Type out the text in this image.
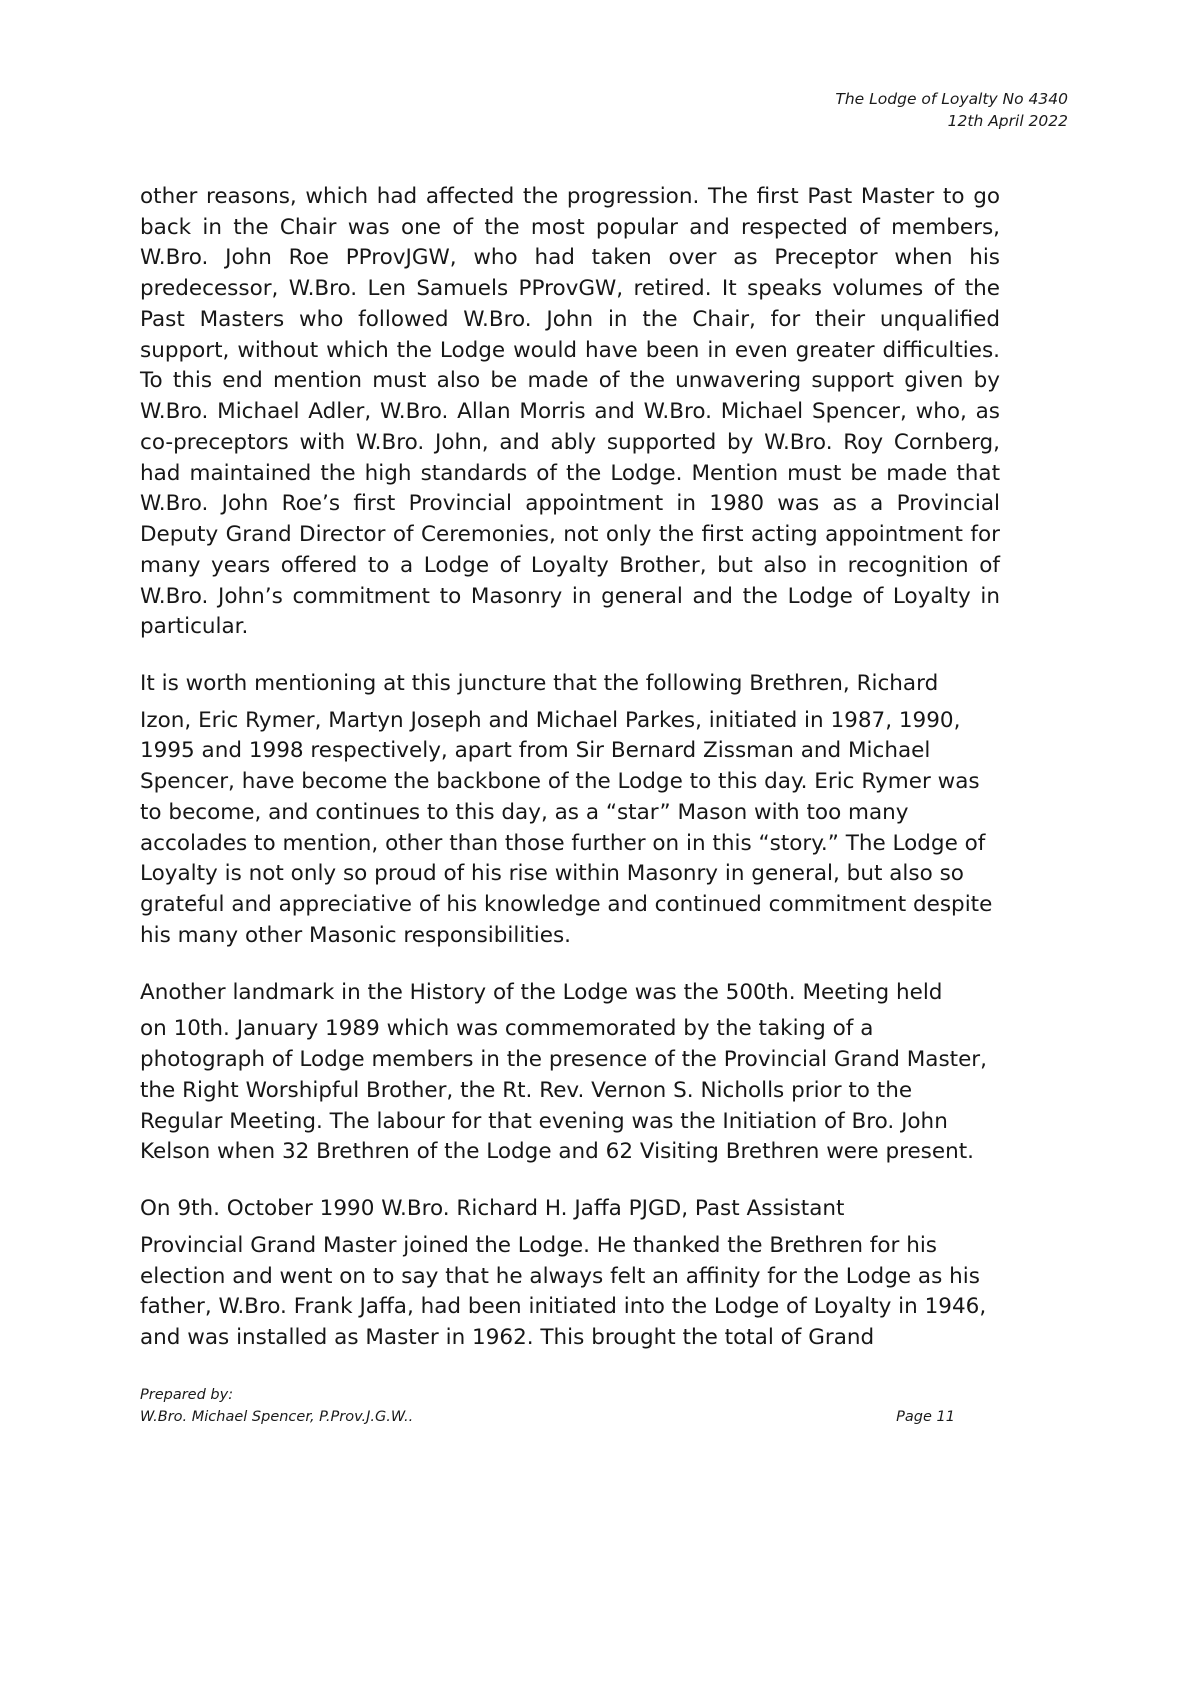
The Lodge of Loyalty No 4340
12th April 2022

other reasons, which had affected the progression. The first Past Master to go back in the Chair was one of the most popular and respected of members, W.Bro. John Roe PProvJGW, who had taken over as Preceptor when his predecessor, W.Bro. Len Samuels PProvGW, retired. It speaks volumes of the Past Masters who followed W.Bro. John in the Chair, for their unqualified support, without which the Lodge would have been in even greater difficulties. To this end mention must also be made of the unwavering support given by W.Bro. Michael Adler, W.Bro. Allan Morris and W.Bro. Michael Spencer, who, as co-preceptors with W.Bro. John, and ably supported by W.Bro. Roy Cornberg, had maintained the high standards of the Lodge. Mention must be made that W.Bro. John Roe’s first Provincial appointment in 1980 was as a Provincial Deputy Grand Director of Ceremonies, not only the first acting appointment for many years offered to a Lodge of Loyalty Brother, but also in recognition of W.Bro. John’s commitment to Masonry in general and the Lodge of Loyalty in particular.

It is worth mentioning at this juncture that the following Brethren, Richard

Izon, Eric Rymer, Martyn Joseph and Michael Parkes, initiated in 1987, 1990, 1995 and 1998 respectively, apart from Sir Bernard Zissman and Michael Spencer, have become the backbone of the Lodge to this day. Eric Rymer was to become, and continues to this day, as a “star” Mason with too many accolades to mention, other than those further on in this “story.” The Lodge of Loyalty is not only so proud of his rise within Masonry in general, but also so grateful and appreciative of his knowledge and continued commitment despite his many other Masonic responsibilities.

Another landmark in the History of the Lodge was the 500th. Meeting held

on 10th. January 1989 which was commemorated by the taking of a photograph of Lodge members in the presence of the Provincial Grand Master, the Right Worshipful Brother, the Rt. Rev. Vernon S. Nicholls prior to the Regular Meeting. The labour for that evening was the Initiation of Bro. John Kelson when 32 Brethren of the Lodge and 62 Visiting Brethren were present.

On 9th. October 1990 W.Bro. Richard H. Jaffa PJGD, Past Assistant

Provincial Grand Master joined the Lodge. He thanked the Brethren for his election and went on to say that he always felt an affinity for the Lodge as his father, W.Bro. Frank Jaffa, had been initiated into the Lodge of Loyalty in 1946, and was installed as Master in 1962. This brought the total of Grand

Prepared by:
W.Bro. Michael Spencer, P.Prov.J.G.W..	Page 11
